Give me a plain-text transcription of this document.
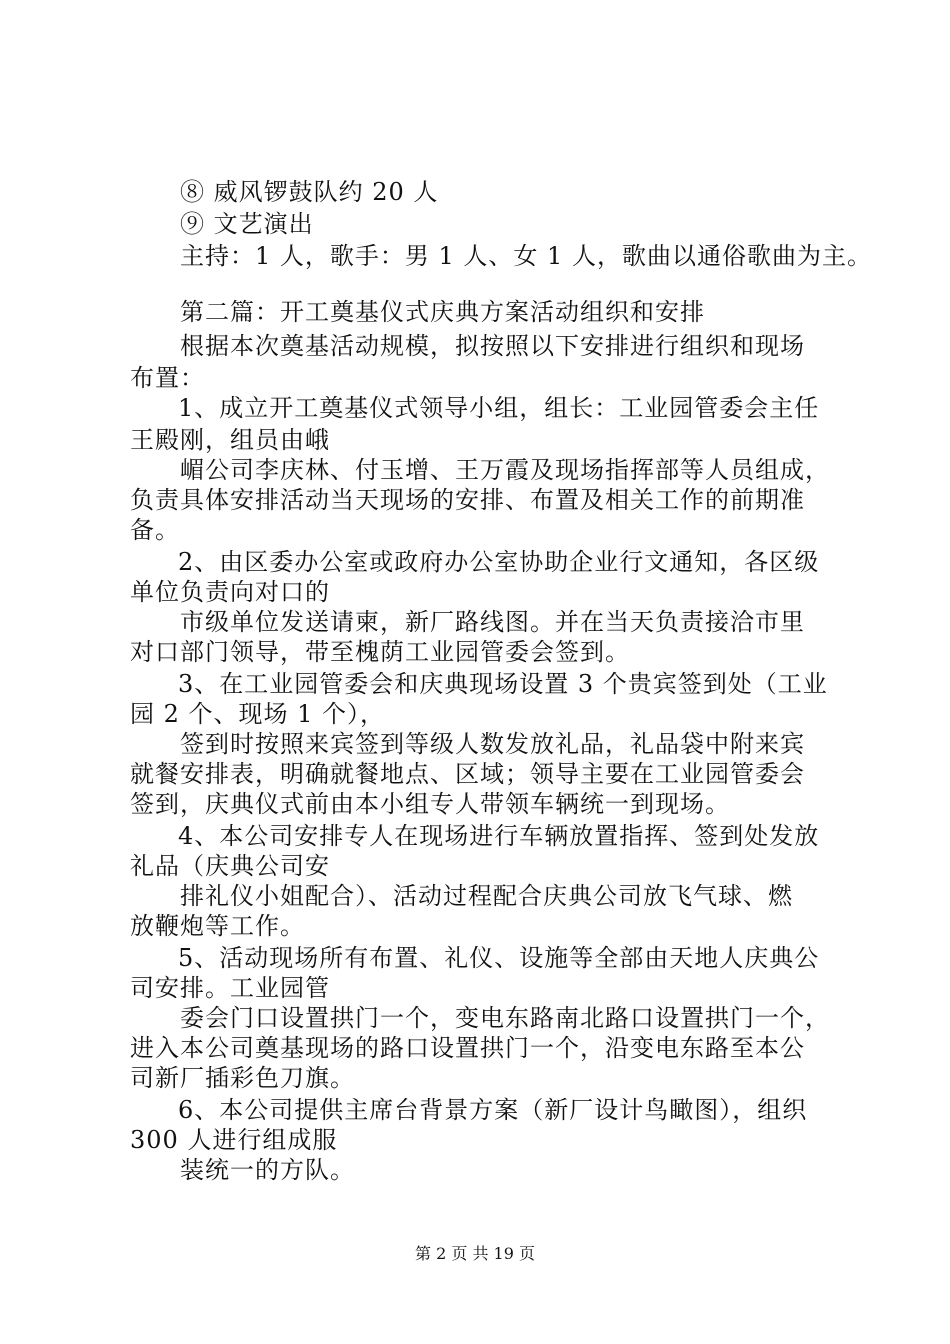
⑧ 威风锣鼓队约 20 人
⑨ 文艺演出
主持：1 人，歌手：男 1 人、女 1 人，歌曲以通俗歌曲为主。
第二篇：开工奠基仪式庆典方案活动组织和安排
根据本次奠基活动规模，拟按照以下安排进行组织和现场
布置：
1、成立开工奠基仪式领导小组，组长：工业园管委会主任
王殿刚，组员由峨
嵋公司李庆林、付玉增、王万霞及现场指挥部等人员组成，
负责具体安排活动当天现场的安排、布置及相关工作的前期准
备。
2、由区委办公室或政府办公室协助企业行文通知，各区级
单位负责向对口的
市级单位发送请柬，新厂路线图。并在当天负责接洽市里
对口部门领导，带至槐荫工业园管委会签到。
3、在工业园管委会和庆典现场设置 3 个贵宾签到处（工业
园 2 个、现场 1 个），
签到时按照来宾签到等级人数发放礼品，礼品袋中附来宾
就餐安排表，明确就餐地点、区域；领导主要在工业园管委会
签到，庆典仪式前由本小组专人带领车辆统一到现场。
4、本公司安排专人在现场进行车辆放置指挥、签到处发放
礼品（庆典公司安
排礼仪小姐配合）、活动过程配合庆典公司放飞气球、燃
放鞭炮等工作。
5、活动现场所有布置、礼仪、设施等全部由天地人庆典公
司安排。工业园管
委会门口设置拱门一个，变电东路南北路口设置拱门一个，
进入本公司奠基现场的路口设置拱门一个，沿变电东路至本公
司新厂插彩色刀旗。
6、本公司提供主席台背景方案（新厂设计鸟瞰图），组织
300 人进行组成服
装统一的方队。
第 2 页 共 19 页
